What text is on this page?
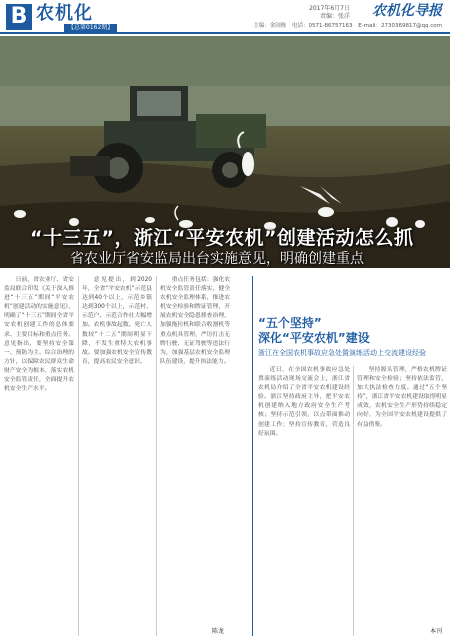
B 农机化
【总第0162期】
2017年6月7日
责编：张洋 农机化导报
主编：金国栋 电话：0571-86757163 E-mail：2730369817@qq.com
“十三五”，浙江“平安农机”创建活动怎么抓
省农业厅省安监局出台实施意见，明确创建重点

日前，省农业厅、省安监局联合印发《关于深入推进“十三五”期间“平安农机”创建活动的实施意见》，明确了“十三五”期间全省平安农机创建工作的总体要求、主要目标和重点任务。意见指出，要坚持安全第一、预防为主、综合治理的方针，以保障农民群众生命财产安全为根本，落实农机安全监管责任，全面提升农机安全生产水平。

意见提出，到2020年，全省“平安农机”示范县达到40个以上，示范乡镇达到300个以上，示范村、示范户、示范合作社大幅增加。农机事故起数、死亡人数较“十二五”期间明显下降，不发生重特大农机事故。要加强农机安全宣传教育，提高农民安全意识。

重点任务包括：强化农机安全监管责任落实，健全农机安全监理体系，推进农机安全检验和牌证管理，开展农机安全隐患排查治理，加强拖拉机和联合收割机等重点机具管理，严厉打击无牌行驶、无证驾驶等违法行为，加强基层农机安全监理队伍建设，提升执法能力。

陈龙
“五个坚持”
深化“平安农机”建设
浙江在全国农机事故应急处置演练活动上交流建设经验

近日，在全国农机事故应急处置演练活动现场交流会上，浙江省农机局介绍了全省平安农机建设经验。浙江坚持政府主导，把平安农机创建纳入地方政府安全生产考核；坚持示范引领，以点带面推动创建工作；坚持宣传教育，营造良好氛围。

坚持源头管理，严格农机牌证管理和安全检验；坚持依法监管，加大执法检查力度。通过“五个坚持”，浙江省平安农机建设取得明显成效，农机安全生产形势持续稳定向好，为全国平安农机建设提供了有益借鉴。

本刊
